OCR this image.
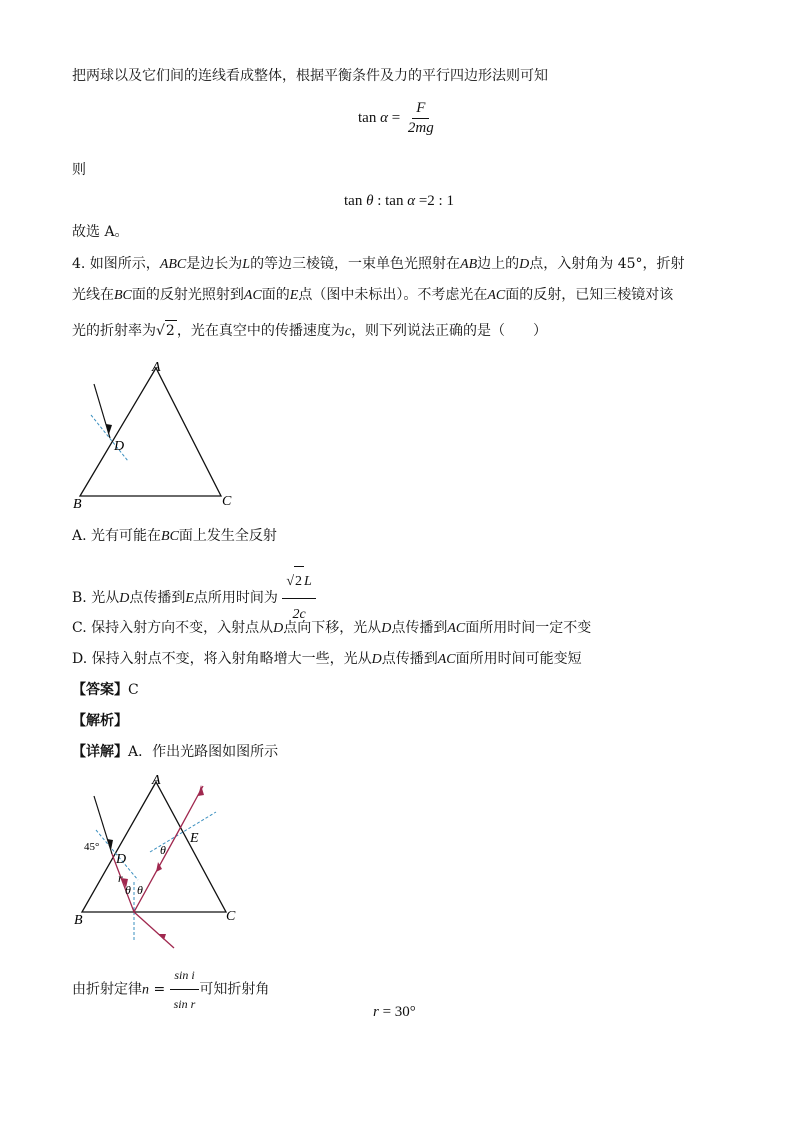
把两球以及它们间的连线看成整体，根据平衡条件及力的平行四边形法则可知
$\tan \alpha = \frac{F}{2mg}$
则
tan θ : tan α =2 : 1
故选 A。
4. 如图所示，ABC是边长为L的等边三棱镜，一束单色光照射在AB边上的D点，入射角为 45°，折射
光线在BC面的反射光照射到AC面的E点（图中未标出）。不考虑光在AC面的反射，已知三棱镜对该
光的折射率为 √ 2 ，光在真空中的传播速度为c，则下列说法正确的是（　　）
A
B	C
D
A. 光有可能在BC面上发生全反射
B. 光从D点传播到E点所用时间为 $\frac{√ 2 L}{2c}$
C. 保持入射方向不变，入射点从D点向下移，光从D点传播到AC面所用时间一定不变
D. 保持入射点不变，将入射角略增大一些，光从D点传播到AC面所用时间可能变短
【答案】C
【解析】
【详解】A．作出光路图如图所示
A
B	C
D
E
45°
r
θ θ
θ
由折射定律$n = \frac{\text{sin i}}{\text{sin r}}$ 可知折射角
r = 30°
